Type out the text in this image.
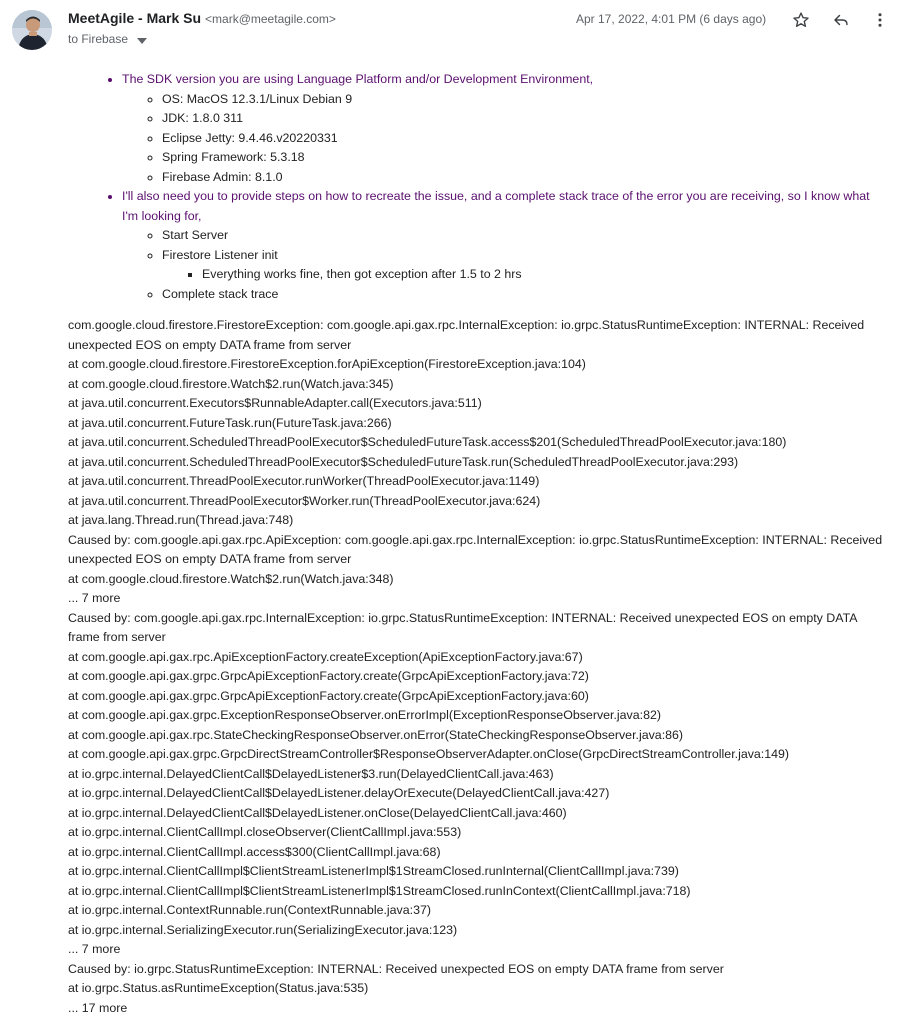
MeetAgile - Mark Su <mark@meetagile.com>
to Firebase
Apr 17, 2022, 4:01 PM (6 days ago)
• The SDK version you are using Language Platform and/or Development Environment,
◦ OS: MacOS 12.3.1/Linux Debian 9
◦ JDK: 1.8.0 311
◦ Eclipse Jetty: 9.4.46.v20220331
◦ Spring Framework: 5.3.18
◦ Firebase Admin: 8.1.0
• I'll also need you to provide steps on how to recreate the issue, and a complete stack trace of the error you are receiving, so I know what I'm looking for,
◦ Start Server
◦ Firestore Listener init
▪ Everything works fine, then got exception after 1.5 to 2 hrs
◦ Complete stack trace
com.google.cloud.firestore.FirestoreException: com.google.api.gax.rpc.InternalException: io.grpc.StatusRuntimeException: INTERNAL: Received unexpected EOS on empty DATA frame from server
at com.google.cloud.firestore.FirestoreException.forApiException(FirestoreException.java:104)
at com.google.cloud.firestore.Watch$2.run(Watch.java:345)
at java.util.concurrent.Executors$RunnableAdapter.call(Executors.java:511)
at java.util.concurrent.FutureTask.run(FutureTask.java:266)
at java.util.concurrent.ScheduledThreadPoolExecutor$ScheduledFutureTask.access$201(ScheduledThreadPoolExecutor.java:180)
at java.util.concurrent.ScheduledThreadPoolExecutor$ScheduledFutureTask.run(ScheduledThreadPoolExecutor.java:293)
at java.util.concurrent.ThreadPoolExecutor.runWorker(ThreadPoolExecutor.java:1149)
at java.util.concurrent.ThreadPoolExecutor$Worker.run(ThreadPoolExecutor.java:624)
at java.lang.Thread.run(Thread.java:748)
Caused by: com.google.api.gax.rpc.ApiException: com.google.api.gax.rpc.InternalException: io.grpc.StatusRuntimeException: INTERNAL: Received unexpected EOS on empty DATA frame from server
at com.google.cloud.firestore.Watch$2.run(Watch.java:348)
... 7 more
Caused by: com.google.api.gax.rpc.InternalException: io.grpc.StatusRuntimeException: INTERNAL: Received unexpected EOS on empty DATA frame from server
at com.google.api.gax.rpc.ApiExceptionFactory.createException(ApiExceptionFactory.java:67)
at com.google.api.gax.grpc.GrpcApiExceptionFactory.create(GrpcApiExceptionFactory.java:72)
at com.google.api.gax.grpc.GrpcApiExceptionFactory.create(GrpcApiExceptionFactory.java:60)
at com.google.api.gax.grpc.ExceptionResponseObserver.onErrorImpl(ExceptionResponseObserver.java:82)
at com.google.api.gax.rpc.StateCheckingResponseObserver.onError(StateCheckingResponseObserver.java:86)
at com.google.api.gax.grpc.GrpcDirectStreamController$ResponseObserverAdapter.onClose(GrpcDirectStreamController.java:149)
at io.grpc.internal.DelayedClientCall$DelayedListener$3.run(DelayedClientCall.java:463)
at io.grpc.internal.DelayedClientCall$DelayedListener.delayOrExecute(DelayedClientCall.java:427)
at io.grpc.internal.DelayedClientCall$DelayedListener.onClose(DelayedClientCall.java:460)
at io.grpc.internal.ClientCallImpl.closeObserver(ClientCallImpl.java:553)
at io.grpc.internal.ClientCallImpl.access$300(ClientCallImpl.java:68)
at io.grpc.internal.ClientCallImpl$ClientStreamListenerImpl$1StreamClosed.runInternal(ClientCallImpl.java:739)
at io.grpc.internal.ClientCallImpl$ClientStreamListenerImpl$1StreamClosed.runInContext(ClientCallImpl.java:718)
at io.grpc.internal.ContextRunnable.run(ContextRunnable.java:37)
at io.grpc.internal.SerializingExecutor.run(SerializingExecutor.java:123)
... 7 more
Caused by: io.grpc.StatusRuntimeException: INTERNAL: Received unexpected EOS on empty DATA frame from server
at io.grpc.Status.asRuntimeException(Status.java:535)
... 17 more
